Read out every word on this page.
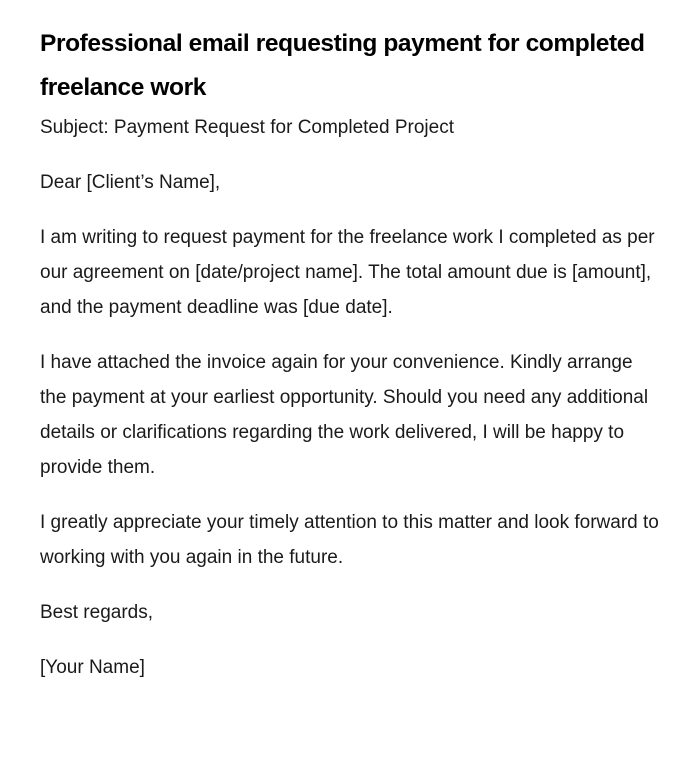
Professional email requesting payment for completed freelance work

Subject: Payment Request for Completed Project

Dear [Client’s Name],

I am writing to request payment for the freelance work I completed as per our agreement on [date/project name]. The total amount due is [amount], and the payment deadline was [due date].

I have attached the invoice again for your convenience. Kindly arrange the payment at your earliest opportunity. Should you need any additional details or clarifications regarding the work delivered, I will be happy to provide them.

I greatly appreciate your timely attention to this matter and look forward to working with you again in the future.

Best regards,

[Your Name]
